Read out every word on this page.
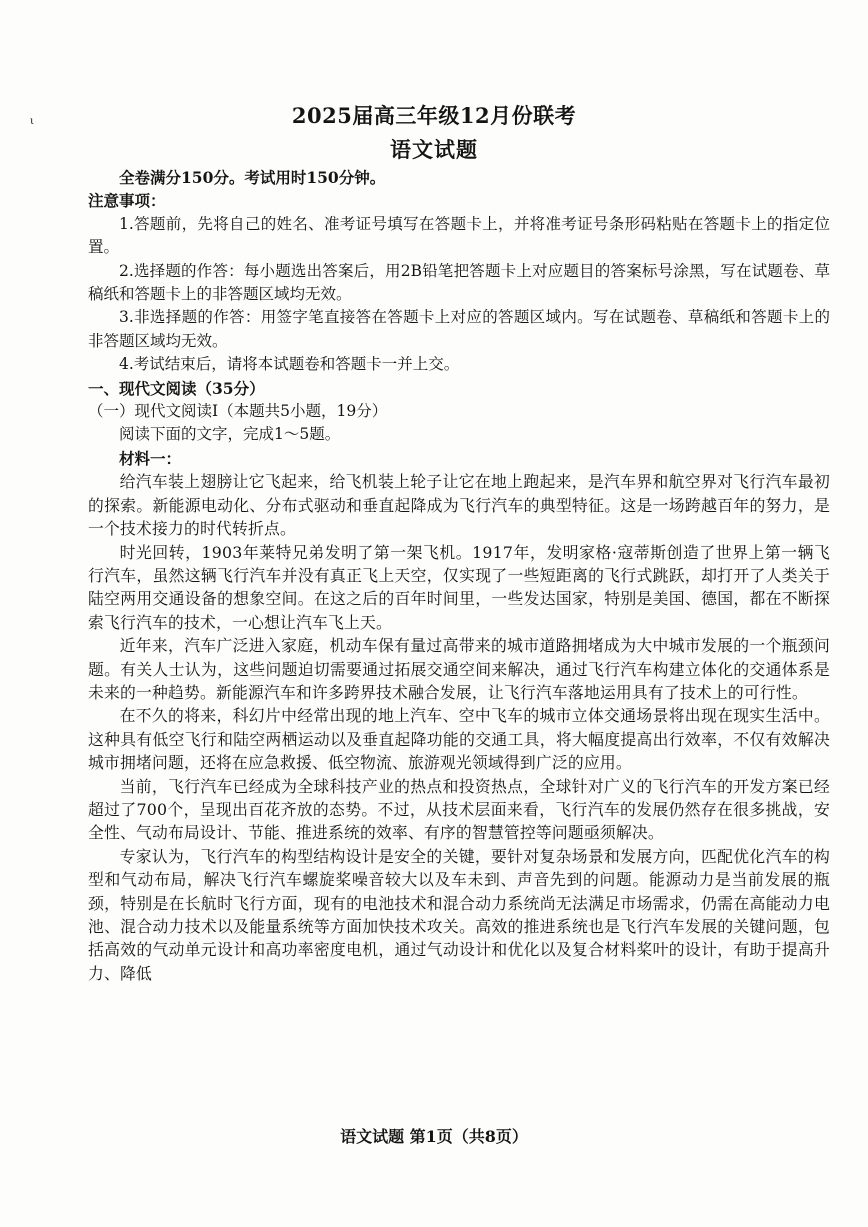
ι	2025届高三年级12月份联考
语文试题

全卷满分150分。考试用时150分钟。

注意事项：

1.答题前，先将自己的姓名、准考证号填写在答题卡上，并将准考证号条形码粘贴在答题卡上的指定位置。

2.选择题的作答：每小题选出答案后，用2B铅笔把答题卡上对应题目的答案标号涂黑，写在试题卷、草稿纸和答题卡上的非答题区域均无效。

3.非选择题的作答：用签字笔直接答在答题卡上对应的答题区域内。写在试题卷、草稿纸和答题卡上的非答题区域均无效。

4.考试结束后，请将本试题卷和答题卡一并上交。

一、现代文阅读（35分）

（一）现代文阅读Ⅰ（本题共5小题，19分）

阅读下面的文字，完成1～5题。

材料一：

给汽车装上翅膀让它飞起来，给飞机装上轮子让它在地上跑起来，是汽车界和航空界对飞行汽车最初的探索。新能源电动化、分布式驱动和垂直起降成为飞行汽车的典型特征。这是一场跨越百年的努力，是一个技术接力的时代转折点。

时光回转，1903年莱特兄弟发明了第一架飞机。1917年，发明家格·寇蒂斯创造了世界上第一辆飞行汽车，虽然这辆飞行汽车并没有真正飞上天空，仅实现了一些短距离的飞行式跳跃，却打开了人类关于陆空两用交通设备的想象空间。在这之后的百年时间里，一些发达国家，特别是美国、德国，都在不断探索飞行汽车的技术，一心想让汽车飞上天。

近年来，汽车广泛进入家庭，机动车保有量过高带来的城市道路拥堵成为大中城市发展的一个瓶颈问题。有关人士认为，这些问题迫切需要通过拓展交通空间来解决，通过飞行汽车构建立体化的交通体系是未来的一种趋势。新能源汽车和许多跨界技术融合发展，让飞行汽车落地运用具有了技术上的可行性。

在不久的将来，科幻片中经常出现的地上汽车、空中飞车的城市立体交通场景将出现在现实生活中。这种具有低空飞行和陆空两栖运动以及垂直起降功能的交通工具，将大幅度提高出行效率，不仅有效解决城市拥堵问题，还将在应急救援、低空物流、旅游观光领域得到广泛的应用。

当前，飞行汽车已经成为全球科技产业的热点和投资热点，全球针对广义的飞行汽车的开发方案已经超过了700个，呈现出百花齐放的态势。不过，从技术层面来看，飞行汽车的发展仍然存在很多挑战，安全性、气动布局设计、节能、推进系统的效率、有序的智慧管控等问题亟须解决。

专家认为，飞行汽车的构型结构设计是安全的关键，要针对复杂场景和发展方向，匹配优化汽车的构型和气动布局，解决飞行汽车螺旋桨噪音较大以及车未到、声音先到的问题。能源动力是当前发展的瓶颈，特别是在长航时飞行方面，现有的电池技术和混合动力系统尚无法满足市场需求，仍需在高能动力电池、混合动力技术以及能量系统等方面加快技术攻关。高效的推进系统也是飞行汽车发展的关键问题，包括高效的气动单元设计和高功率密度电机，通过气动设计和优化以及复合材料桨叶的设计，有助于提高升力、降低

语文试题 第1页（共8页）
